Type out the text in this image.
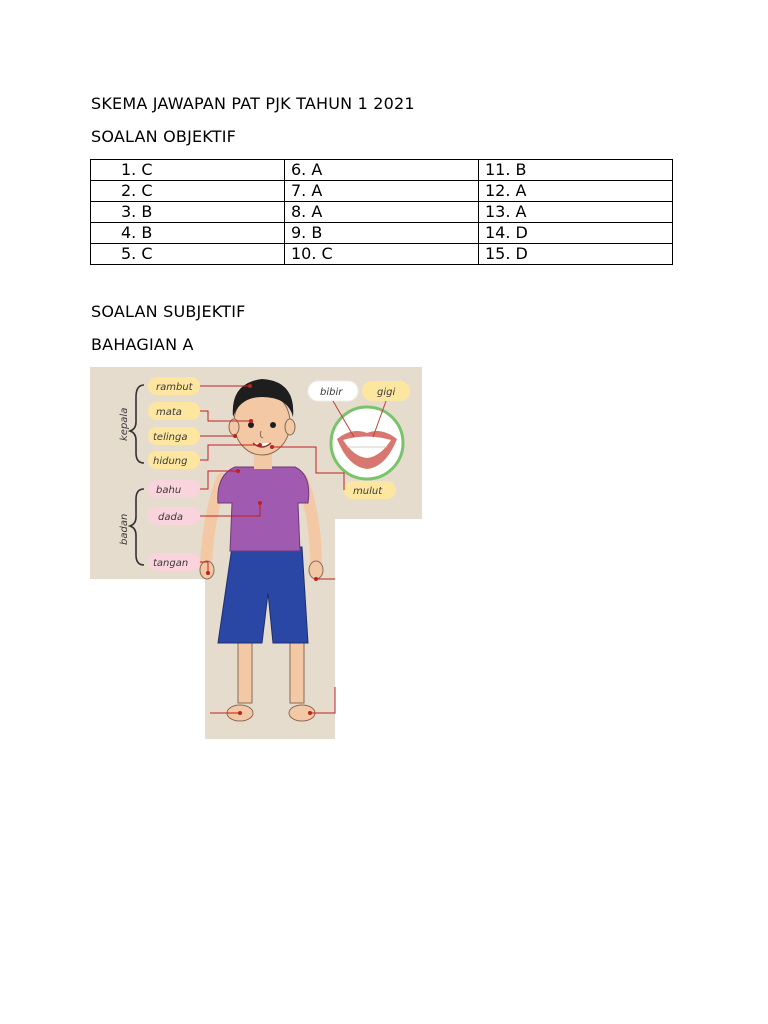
SKEMA JAWAPAN PAT PJK TAHUN 1 2021
SOALAN OBJEKTIF
1. C	6. A	11. B
2. C	7. A	12. A
3. B	8. A	13. A
4. B	9. B	14. D
5. C	10. C	15. D
SOALAN SUBJEKTIF
BAHAGIAN A
kepala
badan
rambut
mata
telinga
hidung
bahu
dada
tangan
bibir	gigi
mulut
